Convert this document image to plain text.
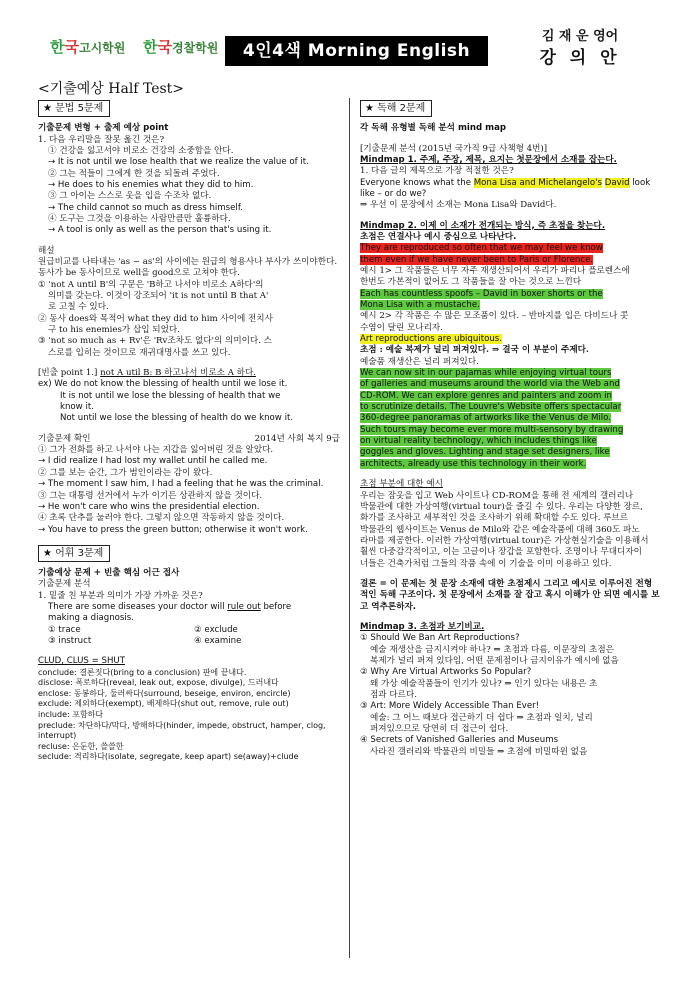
한국고시학원 한국경찰학원	4인4색 Morning English
김 재 운 영어
강 의 안
<기출예상 Half Test>
★ 문법 5문제

기출문제 변형 + 출제 예상 point

1. 다음 우리말을 잘못 옮긴 것은?

① 건강을 잃고서야 비로소 건강의 소중함을 안다.

→ It is not until we lose health that we realize the value of it.

② 그는 적들이 그에게 한 것을 되돌려 주었다.

→ He does to his enemies what they did to him.

③ 그 아이는 스스로 옷을 입을 수조차 없다.

→ The child cannot so much as dress himself.

④ 도구는 그것을 이용하는 사람만큼만 훌륭하다.

→ A tool is only as well as the person that's using it.

해설

원급비교를 나타내는 'as ~ as'의 사이에는 원급의 형용사나 부사가 쓰이야한다. 동사가 be 동사이므로 well을 good으로 고쳐야 한다.

① 'not A until B'의 구문은 'B하고 나서야 비로소 A하다'의

의미를 갖는다. 이것이 강조되어 'it is not until B that A'

로 고칠 수 있다.

② 동사 does와 목적어 what they did to him 사이에 전치사

구 to his enemies가 삽입 되었다.

③ 'not so much as + Rv'은 'Rv조차도 없다'의 의미이다. 스

스로를 입히는 것이므로 재귀대명사를 쓰고 있다.

[빈출 point 1.] not A util B: B 하고나서 비로소 A 하다.

ex) We do not know the blessing of health until we lose it.

It is not until we lose the blessing of health that we

know it.

Not until we lose the blessing of health do we know it.

기출문제 확인	2014년 사회 복지 9급

① 그가 전화를 하고 나서야 나는 지갑을 잃어버린 것을 알았다.

→ I did realize I had lost my wallet until he called me.

② 그를 보는 순간, 그가 범인이라는 감이 왔다.

→ The moment I saw him, I had a feeling that he was the criminal.

③ 그는 대통령 선거에서 누가 이기든 상관하지 않을 것이다.

→ He won't care who wins the presidential election.

④ 초록 단추를 눌러야 한다. 그렇지 않으면 작동하지 않을 것이다.

→ You have to press the green button; otherwise it won't work.

★ 어휘 3문제

기출예상 문제 + 빈출 핵심 어근 접사

기출문제 분석

1. 밑줄 친 부분과 의미가 가장 가까운 것은?

There are some diseases your doctor will rule out before

making a diagnosis.

① trace	② exclude
③ instruct	④ examine

CLUD, CLUS = SHUT

conclude: 결론짓다(bring to a conclusion) 판에 끝내다.

disclose: 폭로하다(reveal, leak out, expose, divulge), 드러내다

enclose: 동봉하다, 둘러싸다(surround, beseige, environ, encircle)

exclude: 제외하다(exempt), 배제하다(shut out, remove, rule out)

include: 포함하다

preclude: 차단하다/막다, 방해하다(hinder, impede, obstruct, hamper, clog, interrupt)

recluse: 은둔한, 쓸쓸한

seclude: 격리하다(isolate, segregate, keep apart) se(away)+clude

★ 독해 2문제

각 독해 유형별 독해 분석 mind map

[기출문제 분석 (2015년 국가직 9급 사책형 4번)]

Mindmap 1. 주제, 주장, 제목, 요지는 첫문장에서 소재를 잡는다.

1. 다음 글의 제목으로 가장 적절한 것은?

Everyone knows what the Mona Lisa and Michelangelo's David look like – or do we?

⇒ 우선 이 문장에서 소재는 Mona Lisa와 David다.

Mindmap 2. 이제 이 소재가 전개되는 방식, 즉 초점을 찾는다.

초점은 연결사나 예시 중심으로 나타난다.

They are reproduced so often that we may feel we know

them even if we have never been to Paris or Florence.

예시 1> 그 작품들은 너무 자주 재생산되어서 우리가 파리나 플로렌스에

한번도 가본적이 없어도 그 작품들을 잘 아는 것으로 느낀다

Each has countless spoofs – David in boxer shorts or the

Mona Lisa with a mustache.

예시 2> 각 작품은 수 많은 모조품이 있다. – 반바지를 입은 다비드나 콧

수염이 달린 모나리자.

Art reproductions are ubiquitous.

초점 : 예술 복제가 널리 퍼져있다. ⇒ 결국 이 부분이 주제다.

예술품 재생산은 널리 퍼져있다.

We can now sit in our pajamas while enjoying virtual tours

of galleries and museums around the world via the Web and

CD-ROM. We can explore genres and painters and zoom in

to scrutinize details. The Louvre's Website offers spectacular

360-degree panoramas of artworks like the Venus de Milo.

Such tours may become ever more multi-sensory by drawing

on virtual reality technology, which includes things like

goggles and gloves. Lighting and stage set designers, like

architects, already use this technology in their work.

초점 부분에 대한 예시

우리는 잠옷을 입고 Web 사이트나 CD-ROM을 통해 전 세계의 갤러리나

박물관에 대한 가상여행(virtual tour)을 즐길 수 있다. 우리는 다양한 장르,

화가를 조사하고 세부적인 것을 조사하기 위해 확대할 수도 있다. 루브르

박물관의 웹사이트는 Venus de Milo와 같은 예술작품에 대해 360도 파노

라마를 제공한다. 이러한 가상여행(virtual tour)은 가상현실기술을 이용해서

훨씬 다중감각적이고, 이는 고글이나 장갑을 포함한다. 조명이나 무대디자이

너들은 건축가처럼 그들의 작품 속에 이 기술을 이미 이용하고 있다.

결론 = 이 문제는 첫 문장 소재에 대한 초점제시 그리고 예시로 이루어진 전형적인 독해 구조이다. 첫 문장에서 소재를 잘 잡고 혹시 이해가 안 되면 예시를 보고 역추론하자.

Mindmap 3. 초점과 보기비교.

① Should We Ban Art Reproductions?

예술 재생산을 금지시켜야 하나? ⇒ 초점과 다름, 이문장의 초점은

복제가 널리 퍼져 있다임, 어떤 문제점이나 금지이유가 예시에 없음

② Why Are Virtual Artworks So Popular?

왜 가상 예술작품들이 인기가 있나? ⇒ 인기 있다는 내용은 초

점과 다르다.

③ Art: More Widely Accessible Than Ever!

예술: 그 어느 때보다 접근하기 더 쉽다 ⇒ 초점과 일치, 널리

퍼져있으므로 당연히 더 접근이 쉽다.

④ Secrets of Vanished Galleries and Museums

사라진 갤러리와 박물관의 비밀들 ⇒ 초점에 비밀따윈 없음
